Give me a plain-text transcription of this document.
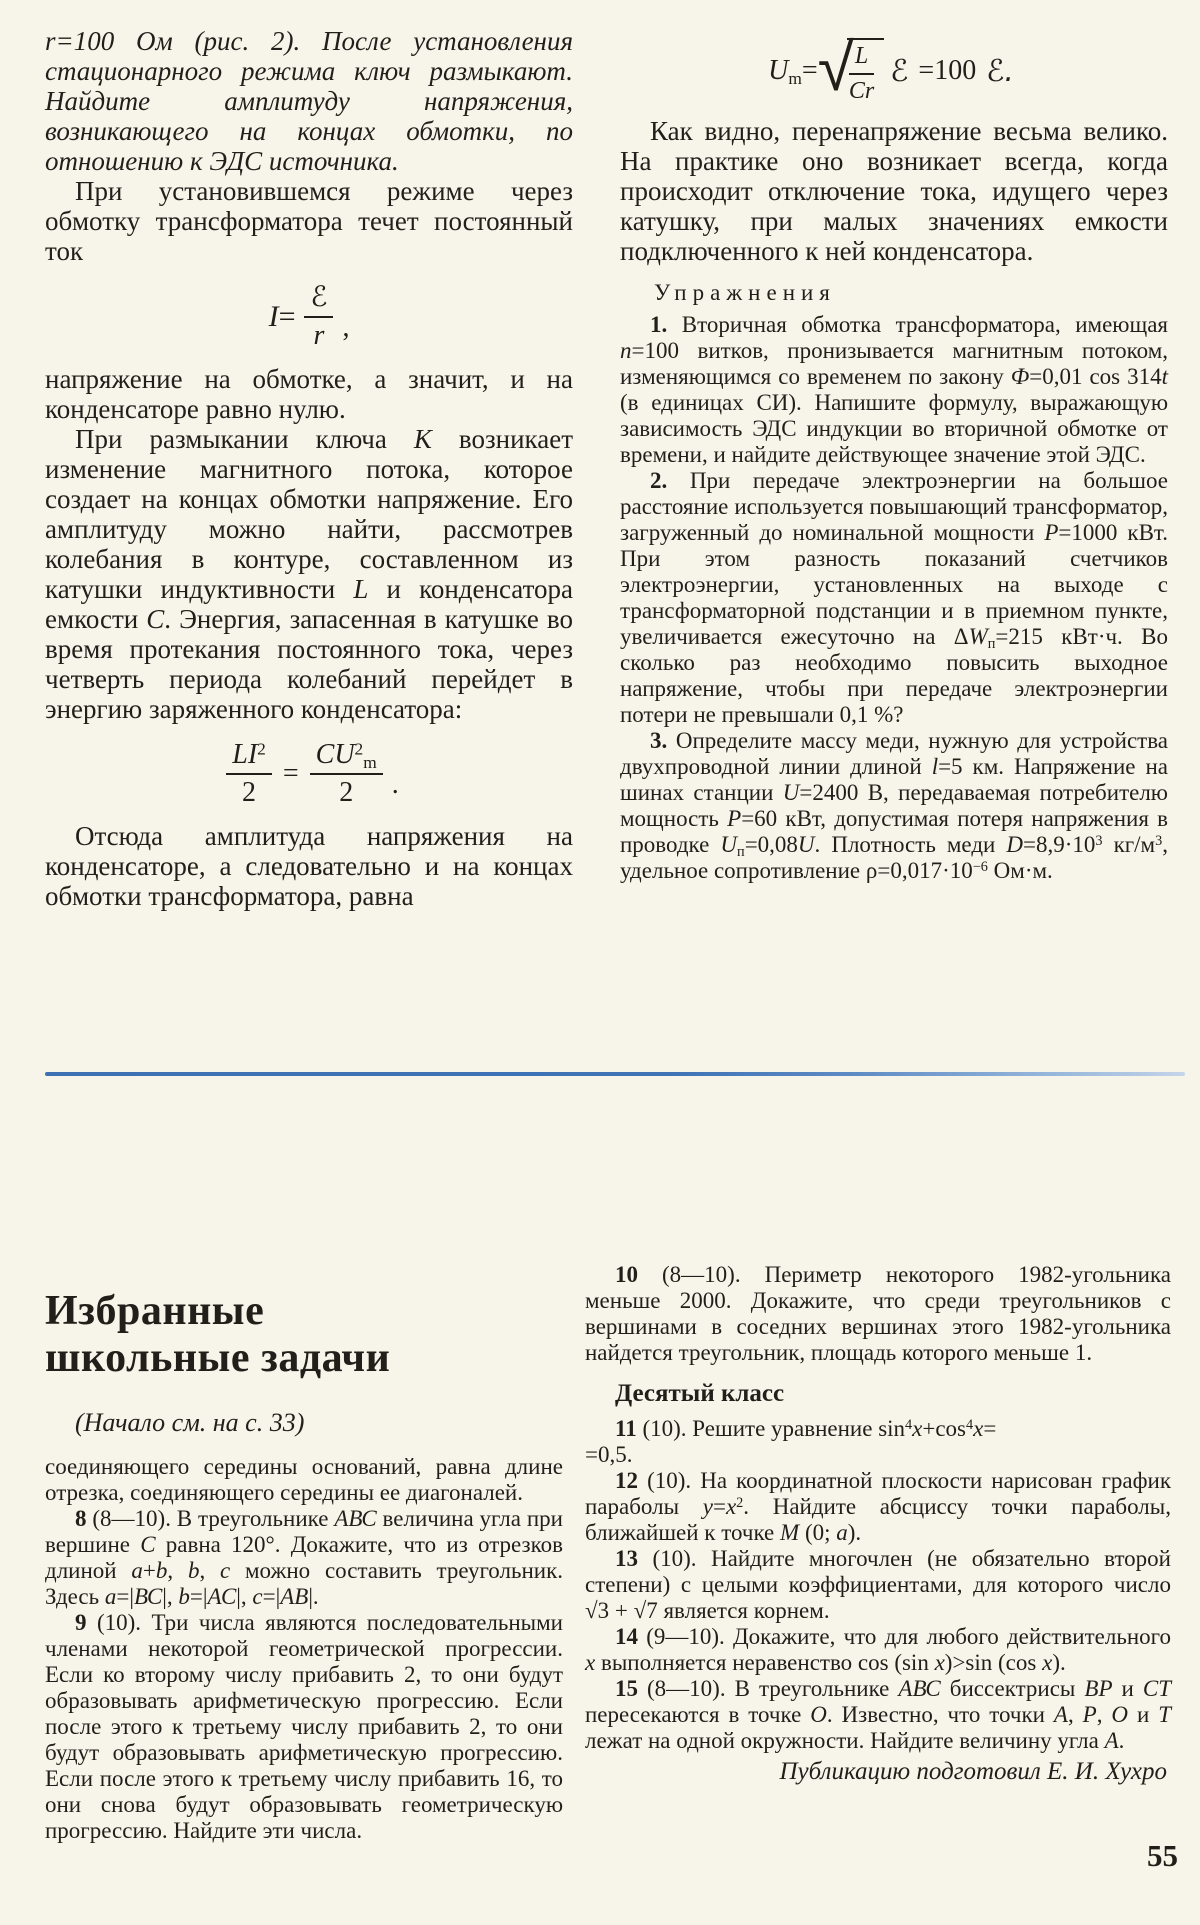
r=100 Ом (рис. 2). После установления стационарного режима ключ размыкают. Найдите амплитуду напряжения, возникающего на концах обмотки, по отношению к ЭДС источника.

При установившемся режиме через обмотку трансформатора течет постоянный ток

$I= \frac{\text{ℰ}}{r}$ ,

напряжение на обмотке, а значит, и на конденсаторе равно нулю.

При размыкании ключа К возникает изменение магнитного потока, которое создает на концах обмотки напряжение. Его амплитуду можно найти, рассмотрев колебания в контуре, составленном из катушки индуктивности L и конденсатора емкости С. Энергия, запасенная в катушке во время протекания постоянного тока, через четверть периода колебаний перейдет в энергию заряженного конденсатора:

$\frac{LI^2}{2} = \frac{CU^2_m}{2}$ .

Отсюда амплитуда напряжения на конденсаторе, а следовательно и на концах обмотки трансформатора, равна

$U_m=$ √
$\frac{L}{Cr}$ ℰ =100 ℰ.

Как видно, перенапряжение весьма велико. На практике оно возникает всегда, когда происходит отключение тока, идущего через катушку, при малых значениях емкости подключенного к ней конденсатора.

Упражнения

1. Вторичная обмотка трансформатора, имеющая n=100 витков, пронизывается магнитным потоком, изменяющимся со временем по закону Ф=0,01 cos 314t (в единицах СИ). Напишите формулу, выражающую зависимость ЭДС индукции во вторичной обмотке от времени, и найдите действующее значение этой ЭДС.

2. При передаче электроэнергии на большое расстояние используется повышающий трансформатор, загруженный до номинальной мощности Р=1000 кВт. При этом разность показаний счетчиков электроэнергии, установленных на выходе с трансформаторной подстанции и в приемном пункте, увеличивается ежесуточно на $\Delta W_п=215$ кВт·ч. Во сколько раз необходимо повысить выходное напряжение, чтобы при передаче электроэнергии потери не превышали 0,1 %?

3. Определите массу меди, нужную для устройства двухпроводной линии длиной l=5 км. Напряжение на шинах станции U=2400 В, передаваемая потребителю мощность Р=60 кВт, допустимая потеря напряжения в проводке $U_п=0,08U$. Плотность меди $D=8,9\cdot 10^3$ $кг/м^3$, удельное сопротивление $\rho=0,017\cdot 10^{-6}$ Ом·м.

Избранные
школьные задачи

(Начало см. на с. 33)

соединяющего середины оснований, равна длине отрезка, соединяющего середины ее диагоналей.

8 (8—10). В треугольнике АВС величина угла при вершине С равна 120°. Докажите, что из отрезков длиной a+b, b, c можно составить треугольник. Здесь a=|ВС|, b=|АС|, c=|АВ|.

9 (10). Три числа являются последовательными членами некоторой геометрической прогрессии. Если ко второму числу прибавить 2, то они будут образовывать арифметическую прогрессию. Если после этого к третьему числу прибавить 2, то они будут образовывать арифметическую прогрессию. Если после этого к третьему числу прибавить 16, то они снова будут образовывать геометрическую прогрессию. Найдите эти числа.

10 (8—10). Периметр некоторого 1982-угольника меньше 2000. Докажите, что среди треугольников с вершинами в соседних вершинах этого 1982-угольника найдется треугольник, площадь которого меньше 1.

Десятый класс

11 (10). Решите уравнение $\sin^4x+\cos^4x=$
=0,5.

12 (10). На координатной плоскости нарисован график параболы $y=x^2$. Найдите абсциссу точки параболы, ближайшей к точке М (0; а).

13 (10). Найдите многочлен (не обязательно второй степени) с целыми коэффициентами, для которого число √3 + √7 является корнем.

14 (9—10). Докажите, что для любого действительного x выполняется неравенство cos (sin x)>sin (cos x).

15 (8—10). В треугольнике АВС биссектрисы ВР и СТ пересекаются в точке О. Известно, что точки А, Р, О и Т лежат на одной окружности. Найдите величину угла А.

Публикацию подготовил Е. И. Хухро

55
